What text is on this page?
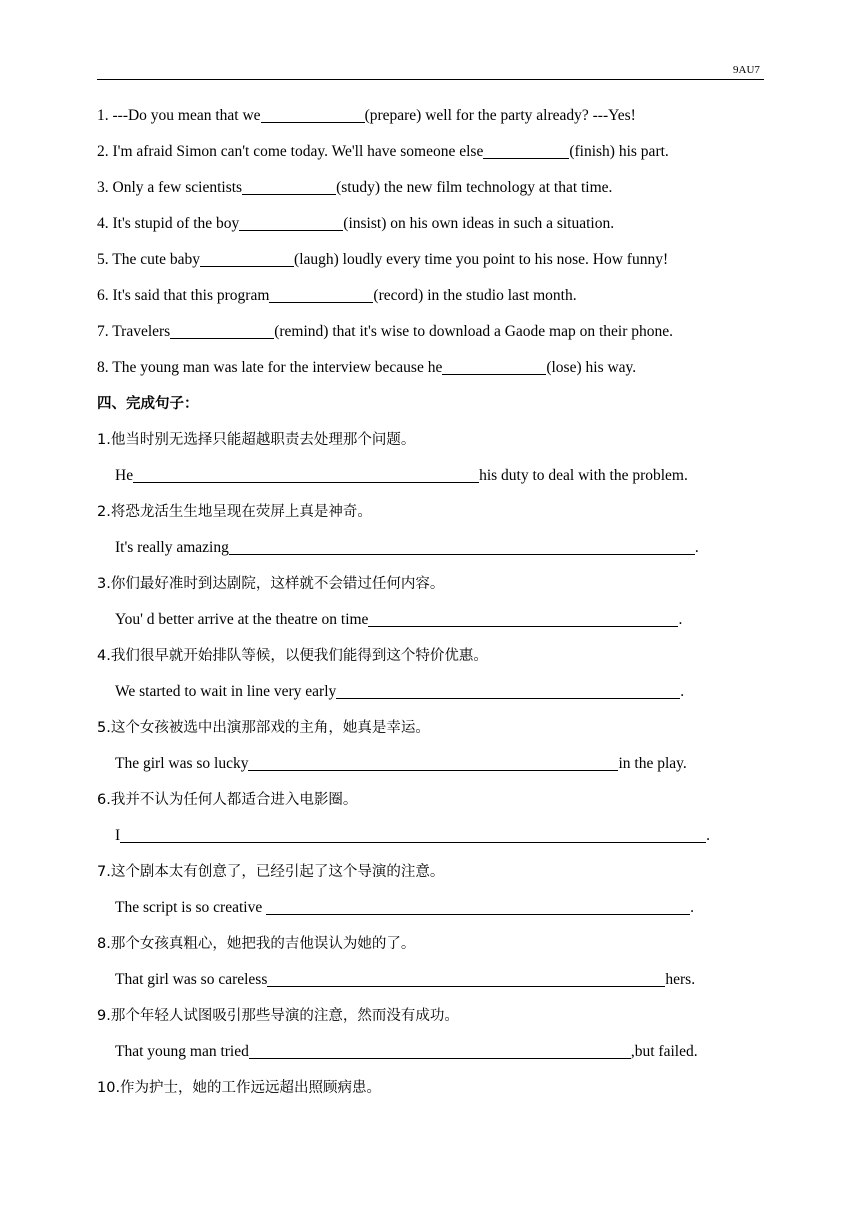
9AU7
1. ---Do you mean that we	(prepare) well for the party already? ---Yes!
2. I'm afraid Simon can't come today. We'll have someone else	(finish) his part.
3. Only a few scientists	(study) the new film technology at that time.
4. It's stupid of the boy	(insist) on his own ideas in such a situation.
5. The cute baby	(laugh) loudly every time you point to his nose. How funny!
6. It's said that this program	(record) in the studio last month.
7. Travelers	(remind) that it's wise to download a Gaode map on their phone.
8. The young man was late for the interview because he	(lose) his way.
四、完成句子：
1.他当时别无选择只能超越职责去处理那个问题。
He	his duty to deal with the problem.
2.将恐龙活生生地呈现在荧屏上真是神奇。
It's really amazing	.
3.你们最好准时到达剧院，这样就不会错过任何内容。
You' d better arrive at the theatre on time	.
4.我们很早就开始排队等候，以便我们能得到这个特价优惠。
We started to wait in line very early	.
5.这个女孩被选中出演那部戏的主角，她真是幸运。
The girl was so lucky	in the play.
6.我并不认为任何人都适合进入电影圈。
I	.
7.这个剧本太有创意了，已经引起了这个导演的注意。
The script is so creative	.
8.那个女孩真粗心，她把我的吉他误认为她的了。
That girl was so careless	hers.
9.那个年轻人试图吸引那些导演的注意，然而没有成功。
That young man tried	,but failed.
10.作为护士，她的工作远远超出照顾病患。
